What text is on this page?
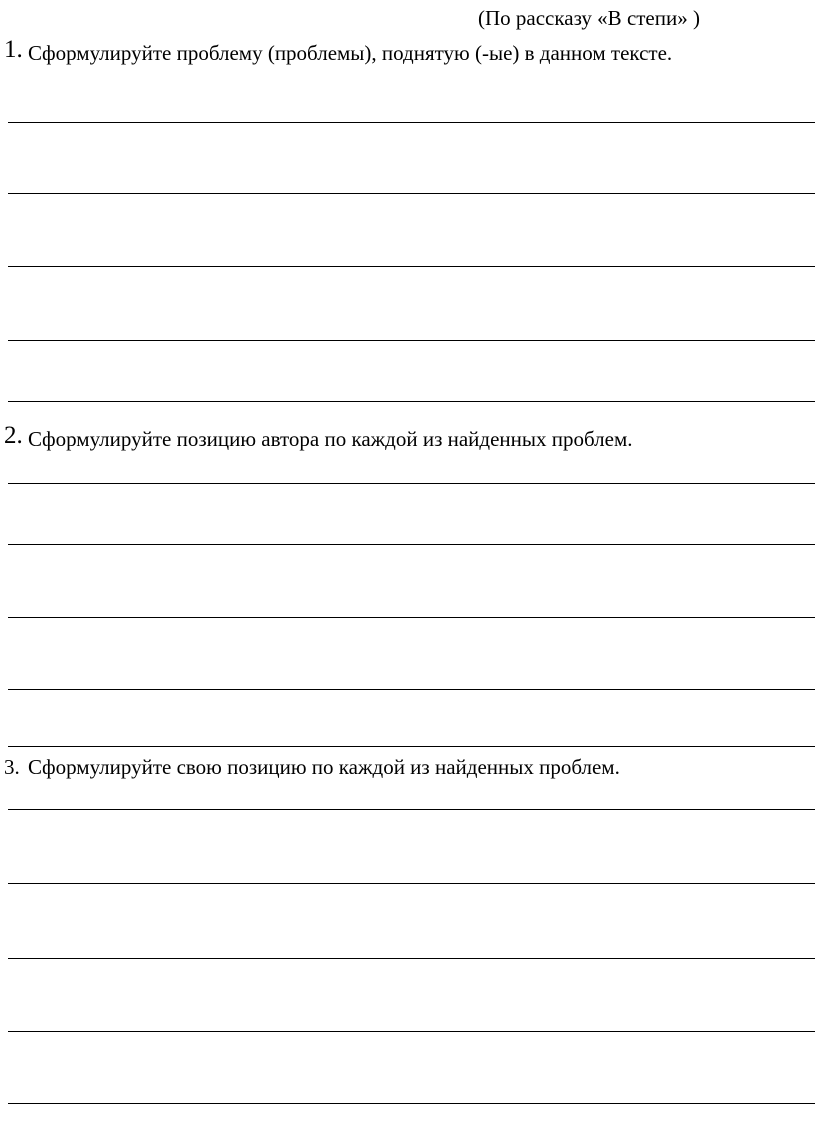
(По рассказу «В степи» )
1. Сформулируйте проблему (проблемы), поднятую (-ые) в данном тексте.
2. Сформулируйте позицию автора по каждой из найденных проблем.
3. Сформулируйте свою позицию по каждой из найденных проблем.
